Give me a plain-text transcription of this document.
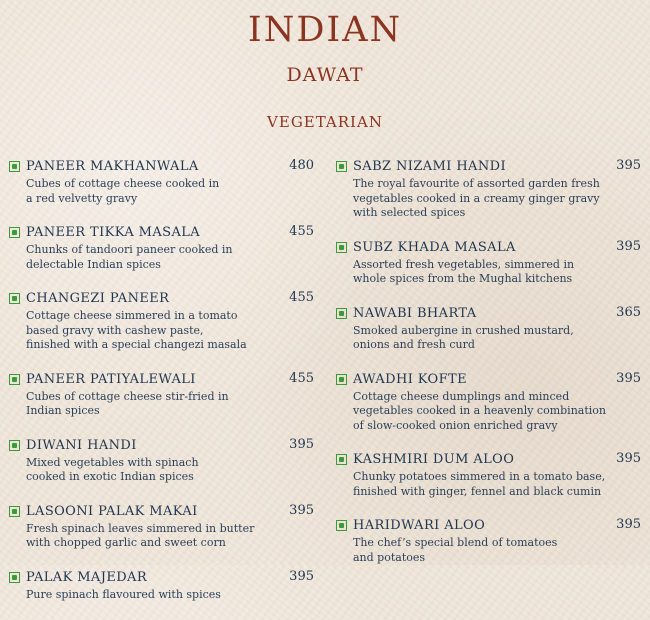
INDIAN
DAWAT
VEGETARIAN
PANEER MAKHANWALA	480
Cubes of cottage cheese cooked in
a red velvetty gravy
PANEER TIKKA MASALA	455
Chunks of tandoori paneer cooked in
delectable Indian spices
CHANGEZI PANEER	455
Cottage cheese simmered in a tomato
based gravy with cashew paste,
finished with a special changezi masala
PANEER PATIYALEWALI	455
Cubes of cottage cheese stir-fried in
Indian spices
DIWANI HANDI	395
Mixed vegetables with spinach
cooked in exotic Indian spices
LASOONI PALAK MAKAI	395
Fresh spinach leaves simmered in butter
with chopped garlic and sweet corn
PALAK MAJEDAR	395
Pure spinach flavoured with spices
SABZ NIZAMI HANDI	395
The royal favourite of assorted garden fresh
vegetables cooked in a creamy ginger gravy
with selected spices
SUBZ KHADA MASALA	395
Assorted fresh vegetables, simmered in
whole spices from the Mughal kitchens
NAWABI BHARTA	365
Smoked aubergine in crushed mustard,
onions and fresh curd
AWADHI KOFTE	395
Cottage cheese dumplings and minced
vegetables cooked in a heavenly combination
of slow-cooked onion enriched gravy
KASHMIRI DUM ALOO	395
Chunky potatoes simmered in a tomato base,
finished with ginger, fennel and black cumin
HARIDWARI ALOO	395
The chef’s special blend of tomatoes
and potatoes
